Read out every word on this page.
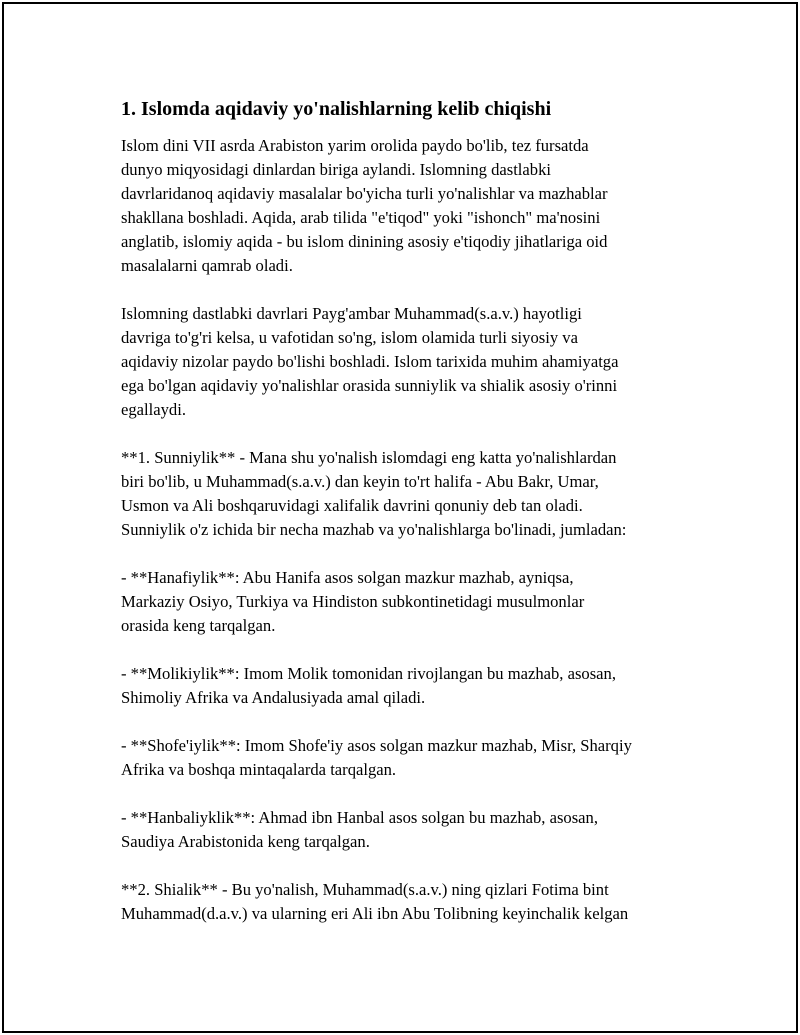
1. Islomda aqidaviy yo'nalishlarning kelib chiqishi

Islom dini VII asrda Arabiston yarim orolida paydo bo'lib, tez fursatda
dunyo miqyosidagi dinlardan biriga aylandi. Islomning dastlabki
davrlaridanoq aqidaviy masalalar bo'yicha turli yo'nalishlar va mazhablar
shakllana boshladi. Aqida, arab tilida "e'tiqod" yoki "ishonch" ma'nosini
anglatib, islomiy aqida - bu islom dinining asosiy e'tiqodiy jihatlariga oid
masalalarni qamrab oladi.

Islomning dastlabki davrlari Payg'ambar Muhammad(s.a.v.) hayotligi
davriga to'g'ri kelsa, u vafotidan so'ng, islom olamida turli siyosiy va
aqidaviy nizolar paydo bo'lishi boshladi. Islom tarixida muhim ahamiyatga
ega bo'lgan aqidaviy yo'nalishlar orasida sunniylik va shialik asosiy o'rinni
egallaydi.

**1. Sunniylik** - Mana shu yo'nalish islomdagi eng katta yo'nalishlardan
biri bo'lib, u Muhammad(s.a.v.) dan keyin to'rt halifa - Abu Bakr, Umar,
Usmon va Ali boshqaruvidagi xalifalik davrini qonuniy deb tan oladi.
Sunniylik o'z ichida bir necha mazhab va yo'nalishlarga bo'linadi, jumladan:

- **Hanafiylik**: Abu Hanifa asos solgan mazkur mazhab, ayniqsa,
Markaziy Osiyo, Turkiya va Hindiston subkontinetidagi musulmonlar
orasida keng tarqalgan.

- **Molikiylik**: Imom Molik tomonidan rivojlangan bu mazhab, asosan,
Shimoliy Afrika va Andalusiyada amal qiladi.

- **Shofe'iylik**: Imom Shofe'iy asos solgan mazkur mazhab, Misr, Sharqiy
Afrika va boshqa mintaqalarda tarqalgan.

- **Hanbaliyklik**: Ahmad ibn Hanbal asos solgan bu mazhab, asosan,
Saudiya Arabistonida keng tarqalgan.

**2. Shialik** - Bu yo'nalish, Muhammad(s.a.v.) ning qizlari Fotima bint
Muhammad(d.a.v.) va ularning eri Ali ibn Abu Tolibning keyinchalik kelgan
